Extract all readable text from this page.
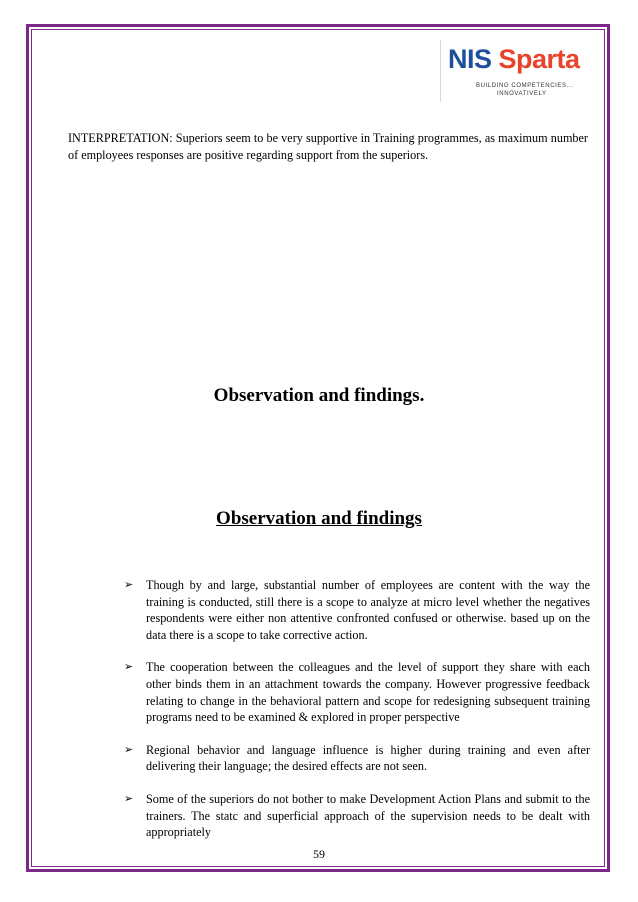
NIS Sparta
BUILDING COMPETENCIES...
INNOVATIVELY
INTERPRETATION: Superiors seem to be very supportive in Training programmes, as maximum number of employees responses are positive regarding support from the superiors.
Observation and findings.
Observation and findings
➢ Though by and large, substantial number of employees are content with the way the training is conducted, still there is a scope to analyze at micro level whether the negatives respondents were either non attentive confronted confused or otherwise. based up on the data there is a scope to take corrective action.
➢ The cooperation between the colleagues and the level of support they share with each other binds them in an attachment towards the company. However progressive feedback relating to change in the behavioral pattern and scope for redesigning subsequent training programs need to be examined & explored in proper perspective
➢ Regional behavior and language influence is higher during training and even after delivering their language; the desired effects are not seen.
➢ Some of the superiors do not bother to make Development Action Plans and submit to the trainers. The statc and superficial approach of the supervision needs to be dealt with appropriately
59
